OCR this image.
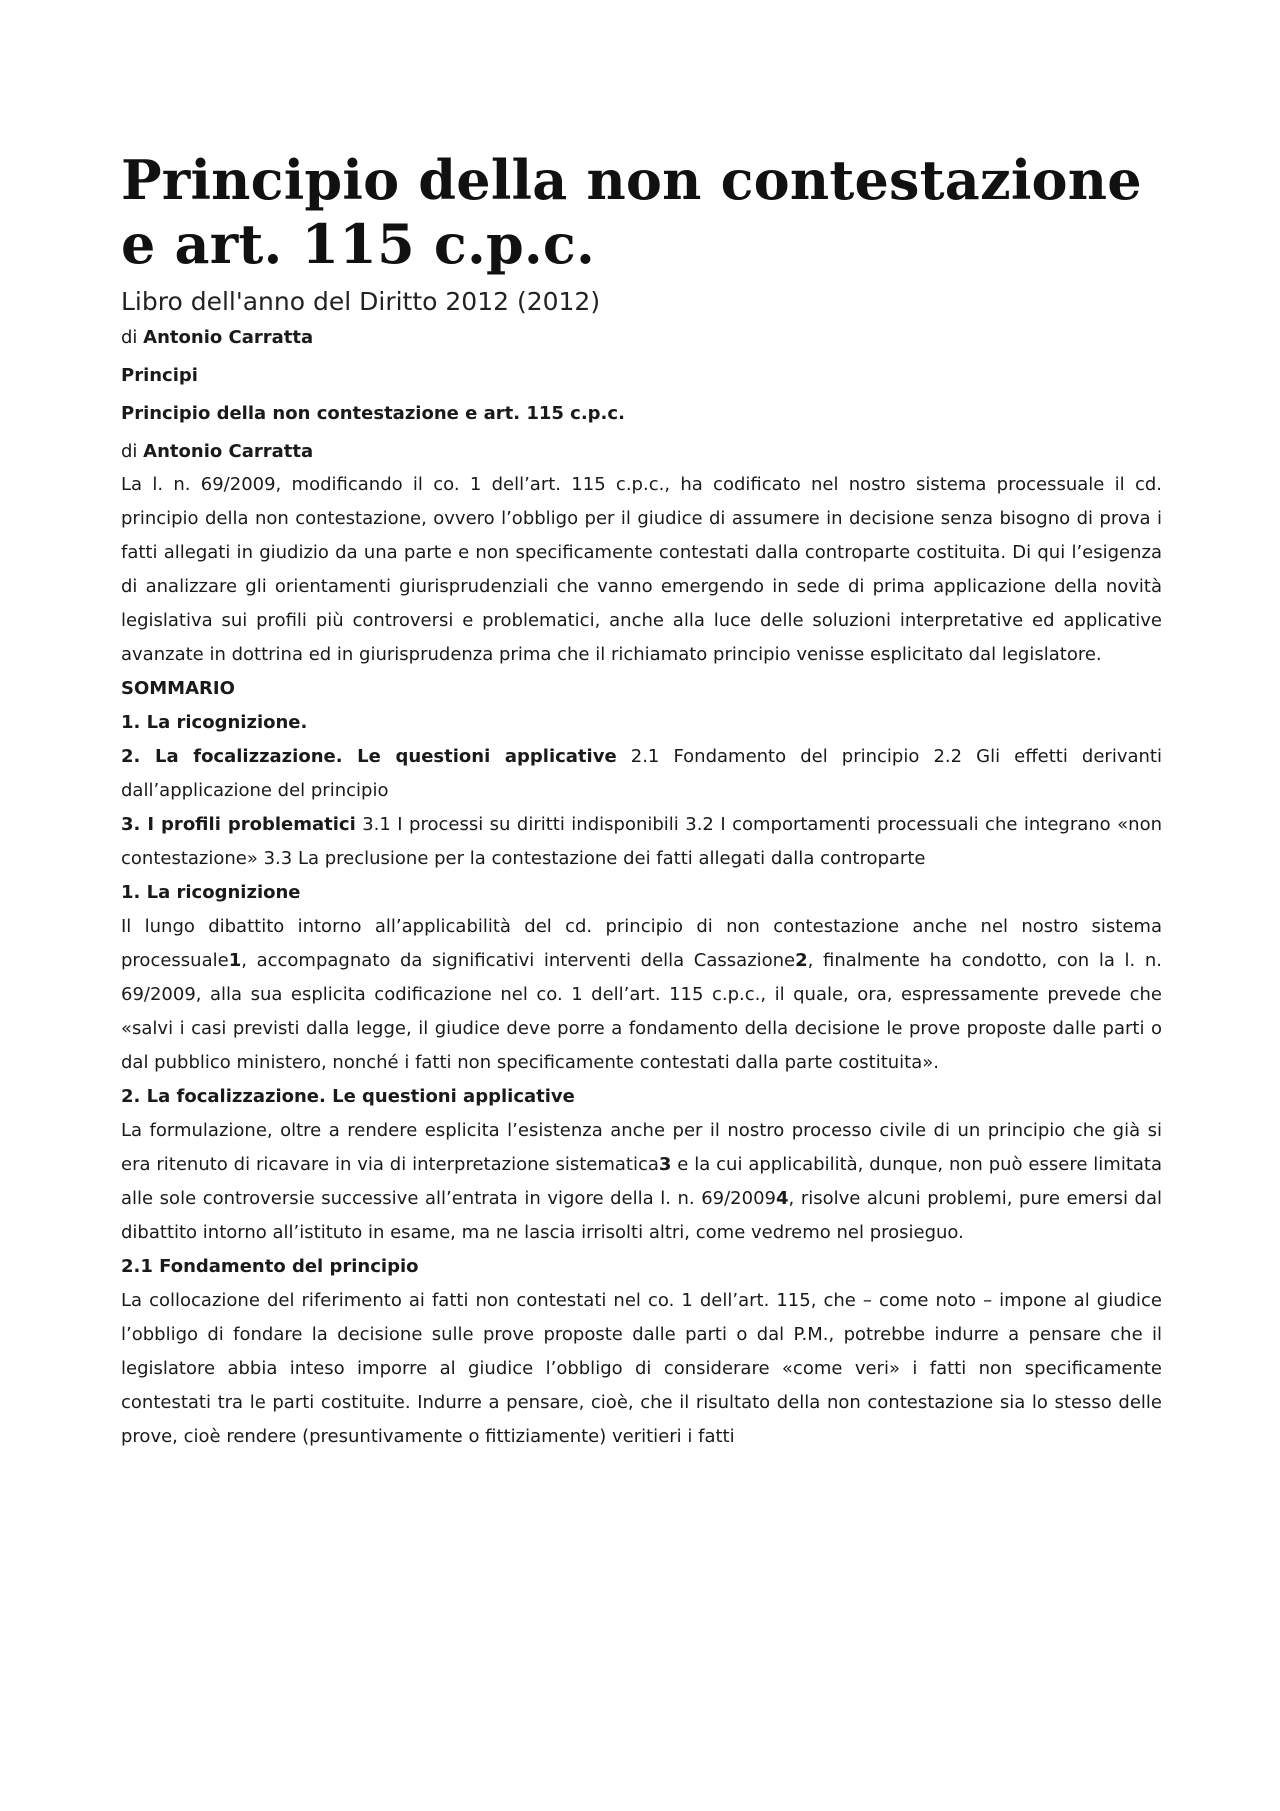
Principio della non contestazione
e art. 115 c.p.c.
Libro dell'anno del Diritto 2012 (2012)
di Antonio Carratta
Principi
Principio della non contestazione e art. 115 c.p.c.
di Antonio Carratta

La l. n. 69/2009, modificando il co. 1 dell’art. 115 c.p.c., ha codificato nel nostro sistema processuale il cd. principio della non contestazione, ovvero l’obbligo per il giudice di assumere in decisione senza bisogno di prova i fatti allegati in giudizio da una parte e non specificamente contestati dalla controparte costituita. Di qui l’esigenza di analizzare gli orientamenti giurisprudenziali che vanno emergendo in sede di prima applicazione della novità legislativa sui profili più controversi e problematici, anche alla luce delle soluzioni interpretative ed applicative avanzate in dottrina ed in giurisprudenza prima che il richiamato principio venisse esplicitato dal legislatore.

SOMMARIO
1. La ricognizione.
2. La focalizzazione. Le questioni applicative 2.1 Fondamento del principio 2.2 Gli effetti derivanti dall’applicazione del principio
3. I profili problematici 3.1 I processi su diritti indisponibili 3.2 I comportamenti processuali che integrano «non contestazione» 3.3 La preclusione per la contestazione dei fatti allegati dalla controparte
1. La ricognizione

Il lungo dibattito intorno all’applicabilità del cd. principio di non contestazione anche nel nostro sistema processuale1, accompagnato da significativi interventi della Cassazione2, finalmente ha condotto, con la l. n. 69/2009, alla sua esplicita codificazione nel co. 1 dell’art. 115 c.p.c., il quale, ora, espressamente prevede che «salvi i casi previsti dalla legge, il giudice deve porre a fondamento della decisione le prove proposte dalle parti o dal pubblico ministero, nonché i fatti non specificamente contestati dalla parte costituita».

2. La focalizzazione. Le questioni applicative

La formulazione, oltre a rendere esplicita l’esistenza anche per il nostro processo civile di un principio che già si era ritenuto di ricavare in via di interpretazione sistematica3 e la cui applicabilità, dunque, non può essere limitata alle sole controversie successive all’entrata in vigore della l. n. 69/20094, risolve alcuni problemi, pure emersi dal dibattito intorno all’istituto in esame, ma ne lascia irrisolti altri, come vedremo nel prosieguo.

2.1 Fondamento del principio

La collocazione del riferimento ai fatti non contestati nel co. 1 dell’art. 115, che – come noto – impone al giudice l’obbligo di fondare la decisione sulle prove proposte dalle parti o dal P.M., potrebbe indurre a pensare che il legislatore abbia inteso imporre al giudice l’obbligo di considerare «come veri» i fatti non specificamente contestati tra le parti costituite. Indurre a pensare, cioè, che il risultato della non contestazione sia lo stesso delle prove, cioè rendere (presuntivamente o fittiziamente) veritieri i fatti
